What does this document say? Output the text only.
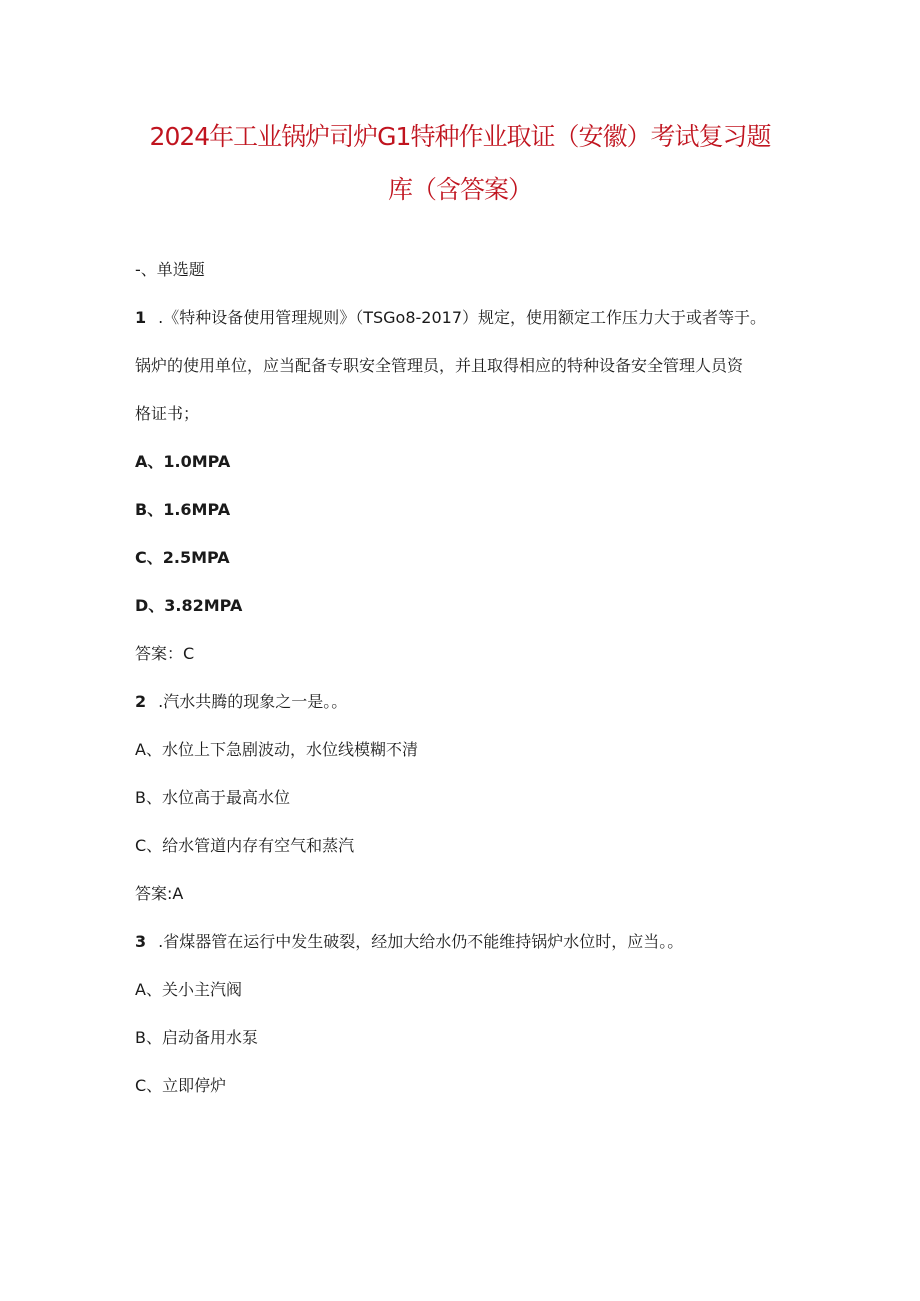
2024年工业锅炉司炉G1特种作业取证（安徽）考试复习题
库（含答案）

-、单选题

1 .《特种设备使用管理规则》（TSGo8-2017）规定，使用额定工作压力大于或者等于。

锅炉的使用单位，应当配备专职安全管理员，并且取得相应的特种设备安全管理人员资

格证书；

A、1.0MPA

B、1.6MPA

C、2.5MPA

D、3.82MPA

答案：C

2 .汽水共腾的现象之一是。。

A、水位上下急剧波动，水位线模糊不清

B、水位高于最高水位

C、给水管道内存有空气和蒸汽

答案:A

3 .省煤器管在运行中发生破裂，经加大给水仍不能维持锅炉水位时，应当。。

A、关小主汽阀

B、启动备用水泵

C、立即停炉
